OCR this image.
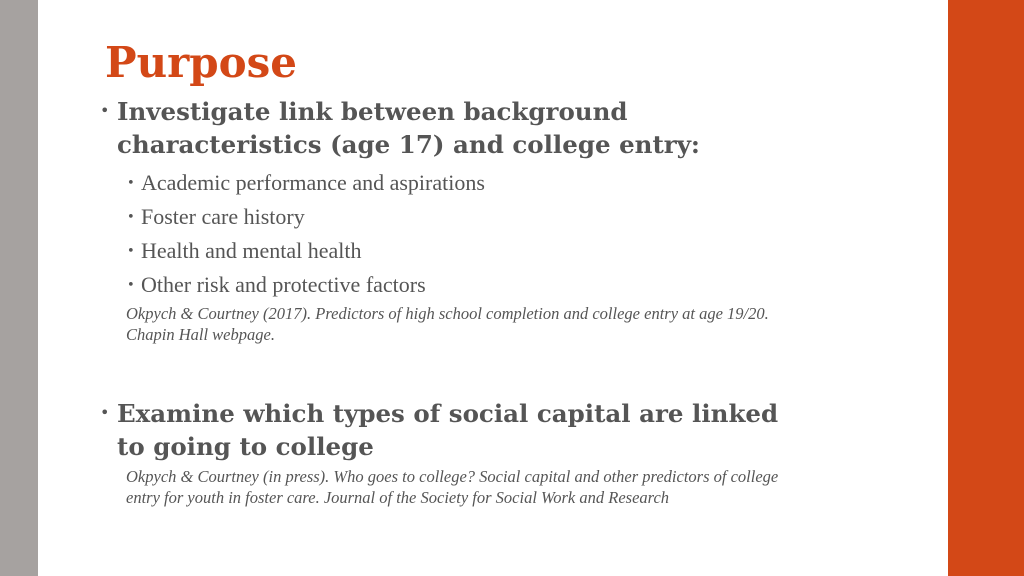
Purpose
• Investigate link between background characteristics (age 17) and college entry:
• Academic performance and aspirations
• Foster care history
• Health and mental health
• Other risk and protective factors
Okpych & Courtney (2017). Predictors of high school completion and college entry at age 19/20. Chapin Hall webpage.
• Examine which types of social capital are linked to going to college
Okpych & Courtney (in press). Who goes to college? Social capital and other predictors of college entry for youth in foster care. Journal of the Society for Social Work and Research
